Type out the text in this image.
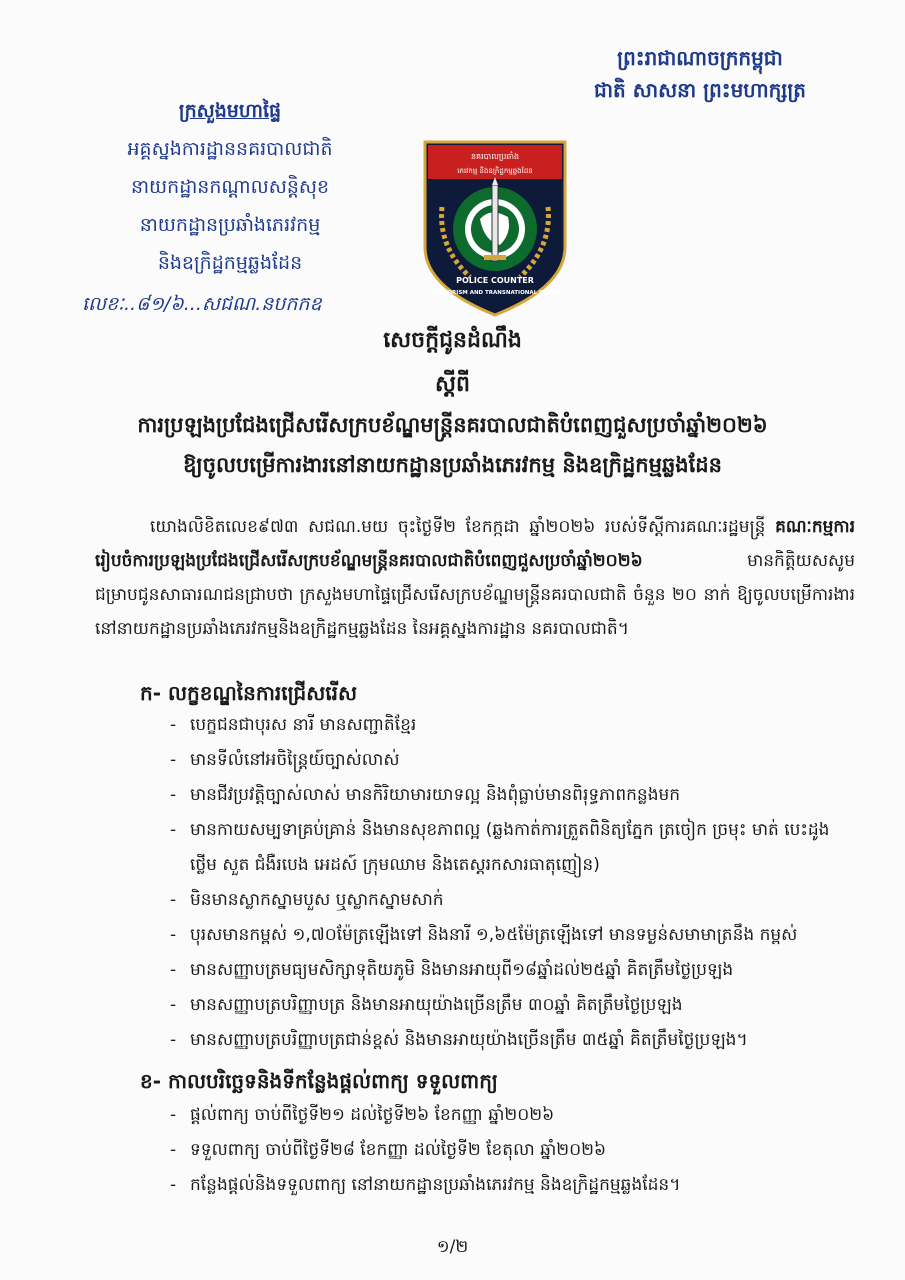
ព្រះរាជាណាចក្រកម្ពុជា
ជាតិ សាសនា ព្រះមហាក្សត្រ
ក្រសួងមហាផ្ទៃ
អគ្គស្នងការដ្ឋាននគរបាលជាតិ
នាយកដ្ឋានកណ្តាលសន្តិសុខ
នាយកដ្ឋានប្រឆាំងភេរវកម្ម
និងឧក្រិដ្ឋកម្មឆ្លងដែន
លេខៈ..៨១/៦...សជណ.នបកកឧ
នគរបាលប្រឆាំង
ភេរវកម្ម និងឧក្រិដ្ឋកម្មឆ្លងដែន
POLICE COUNTER
TERRORISM AND TRANSNATIONAL CRIME
សេចក្តីជូនដំណឹង
ស្តីពី
ការប្រឡងប្រជែងជ្រើសរើសក្របខ័ណ្ឌមន្ត្រីនគរបាលជាតិបំពេញជួសប្រចាំឆ្នាំ២០២៦
ឱ្យចូលបម្រើការងារនៅនាយកដ្ឋានប្រឆាំងភេរវកម្ម និងឧក្រិដ្ឋកម្មឆ្លងដែន
យោងលិខិតលេខ៩៧៣ សជណ.មយ ចុះថ្ងៃទី២ ខែកក្កដា ឆ្នាំ២០២៦ របស់ទីស្តីការគណៈរដ្ឋមន្ត្រី គណៈកម្មការរៀបចំការប្រឡងប្រជែងជ្រើសរើសក្របខ័ណ្ឌមន្ត្រីនគរបាលជាតិបំពេញជួសប្រចាំឆ្នាំ២០២៦ មានកិត្តិយសសូមជម្រាបជូនសាធារណជនជ្រាបថា ក្រសួងមហាផ្ទៃជ្រើសរើសក្របខ័ណ្ឌមន្ត្រីនគរបាលជាតិ ចំនួន ២០ នាក់ ឱ្យចូលបម្រើការងារនៅនាយកដ្ឋានប្រឆាំងភេរវកម្មនិងឧក្រិដ្ឋកម្មឆ្លងដែន នៃអគ្គស្នងការដ្ឋាន នគរបាលជាតិ។
ក- លក្ខខណ្ឌនៃការជ្រើសរើស
- បេក្ខជនជាបុរស នារី មានសញ្ជាតិខ្មែរ
- មានទីលំនៅអចិន្ត្រៃយ៍ច្បាស់លាស់
- មានជីវប្រវត្តិច្បាស់លាស់ មានកិរិយាមារយាទល្អ និងពុំធ្លាប់មានពិរុទ្ធភាពកន្លងមក
- មានកាយសម្បទាគ្រប់គ្រាន់ និងមានសុខភាពល្អ (ឆ្លងកាត់ការត្រួតពិនិត្យភ្នែក ត្រចៀក ច្រមុះ មាត់ បេះដូង ថ្លើម សួត ជំងឺរបេង អេដស៍ ក្រុមឈាម និងតេស្តរកសារធាតុញៀន)
- មិនមានស្លាកស្នាមបួស ឬស្លាកស្នាមសាក់
- បុរសមានកម្ពស់ ១,៧០ម៉ែត្រឡើងទៅ និងនារី ១,៦៥ម៉ែត្រឡើងទៅ មានទម្ងន់សមាមាត្រនឹង កម្ពស់
- មានសញ្ញាបត្រមធ្យមសិក្សាទុតិយភូមិ និងមានអាយុពី១៨ឆ្នាំដល់២៥ឆ្នាំ គិតត្រឹមថ្ងៃប្រឡង
- មានសញ្ញាបត្របរិញ្ញាបត្រ និងមានអាយុយ៉ាងច្រើនត្រឹម ៣០ឆ្នាំ គិតត្រឹមថ្ងៃប្រឡង
- មានសញ្ញាបត្របរិញ្ញាបត្រជាន់ខ្ពស់ និងមានអាយុយ៉ាងច្រើនត្រឹម ៣៥ឆ្នាំ គិតត្រឹមថ្ងៃប្រឡង។
ខ- កាលបរិច្ឆេទនិងទីកន្លែងផ្តល់ពាក្យ ទទួលពាក្យ
- ផ្តល់ពាក្យ ចាប់ពីថ្ងៃទី២១ ដល់ថ្ងៃទី២៦ ខែកញ្ញា ឆ្នាំ២០២៦
- ទទួលពាក្យ ចាប់ពីថ្ងៃទី២៨ ខែកញ្ញា ដល់ថ្ងៃទី២ ខែតុលា ឆ្នាំ២០២៦
- កន្លែងផ្តល់និងទទួលពាក្យ នៅនាយកដ្ឋានប្រឆាំងភេរវកម្ម និងឧក្រិដ្ឋកម្មឆ្លងដែន។
១/២
